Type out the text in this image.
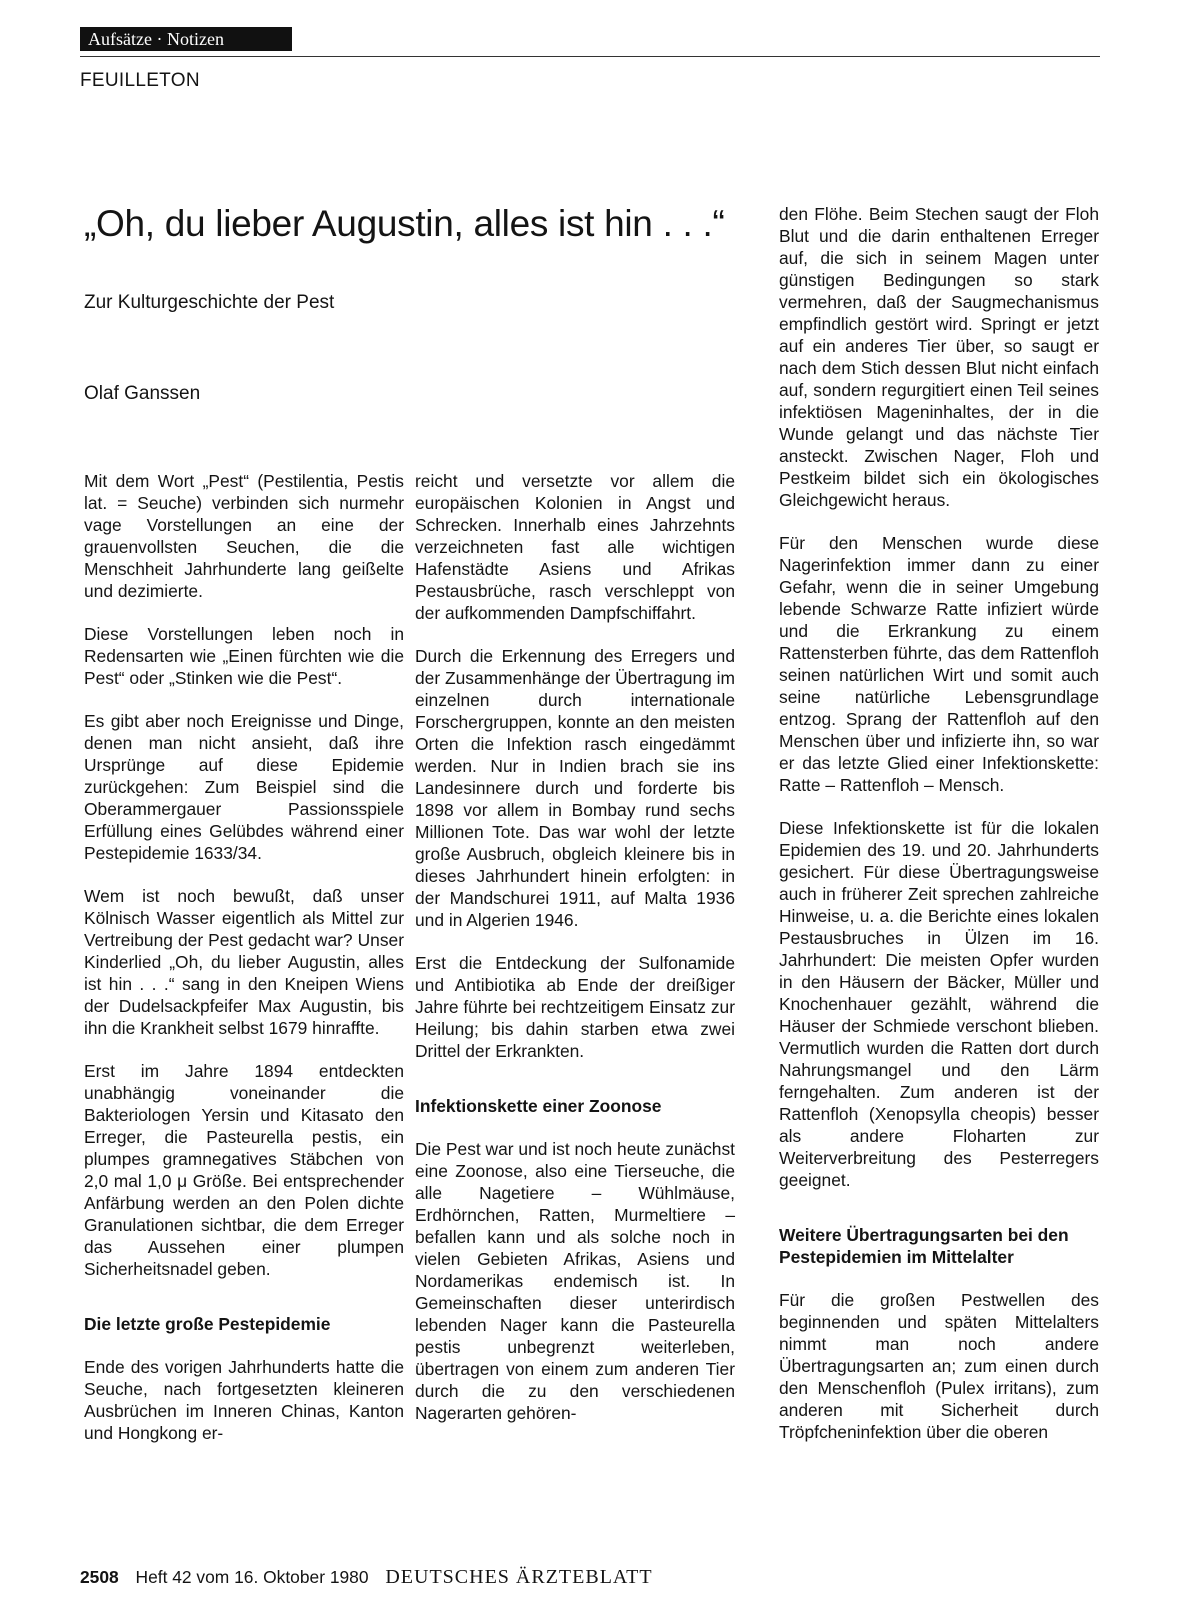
Aufsätze · Notizen
FEUILLETON
„Oh, du lieber Augustin, alles ist hin . . .“
Zur Kulturgeschichte der Pest
Olaf Ganssen

Mit dem Wort „Pest“ (Pestilentia, Pestis lat. = Seuche) verbinden sich nurmehr vage Vorstellungen an eine der grauenvollsten Seuchen, die die Menschheit Jahrhunderte lang geißelte und dezimierte.

Diese Vorstellungen leben noch in Redensarten wie „Einen fürchten wie die Pest“ oder „Stinken wie die Pest“.

Es gibt aber noch Ereignisse und Dinge, denen man nicht ansieht, daß ihre Ursprünge auf diese Epidemie zurückgehen: Zum Beispiel sind die Oberammergauer Passionsspiele Erfüllung eines Gelübdes während einer Pestepidemie 1633/34.

Wem ist noch bewußt, daß unser Kölnisch Wasser eigentlich als Mittel zur Vertreibung der Pest gedacht war? Unser Kinderlied „Oh, du lieber Augustin, alles ist hin . . .“ sang in den Kneipen Wiens der Dudelsackpfeifer Max Augustin, bis ihn die Krankheit selbst 1679 hinraffte.

Erst im Jahre 1894 entdeckten unabhängig voneinander die Bakteriologen Yersin und Kitasato den Erreger, die Pasteurella pestis, ein plumpes gramnegatives Stäbchen von 2,0 mal 1,0 μ Größe. Bei entsprechender Anfärbung werden an den Polen dichte Granulationen sichtbar, die dem Erreger das Aussehen einer plumpen Sicherheitsnadel geben.

Die letzte große Pestepidemie

Ende des vorigen Jahrhunderts hatte die Seuche, nach fortgesetzten kleineren Ausbrüchen im Inneren Chinas, Kanton und Hongkong er-

reicht und versetzte vor allem die europäischen Kolonien in Angst und Schrecken. Innerhalb eines Jahrzehnts verzeichneten fast alle wichtigen Hafenstädte Asiens und Afrikas Pestausbrüche, rasch verschleppt von der aufkommenden Dampfschiffahrt.

Durch die Erkennung des Erregers und der Zusammenhänge der Übertragung im einzelnen durch internationale Forschergruppen, konnte an den meisten Orten die Infektion rasch eingedämmt werden. Nur in Indien brach sie ins Landesinnere durch und forderte bis 1898 vor allem in Bombay rund sechs Millionen Tote. Das war wohl der letzte große Ausbruch, obgleich kleinere bis in dieses Jahrhundert hinein erfolgten: in der Mandschurei 1911, auf Malta 1936 und in Algerien 1946.

Erst die Entdeckung der Sulfonamide und Antibiotika ab Ende der dreißiger Jahre führte bei rechtzeitigem Einsatz zur Heilung; bis dahin starben etwa zwei Drittel der Erkrankten.

Infektionskette einer Zoonose

Die Pest war und ist noch heute zunächst eine Zoonose, also eine Tierseuche, die alle Nagetiere – Wühlmäuse, Erdhörnchen, Ratten, Murmeltiere – befallen kann und als solche noch in vielen Gebieten Afrikas, Asiens und Nordamerikas endemisch ist. In Gemeinschaften dieser unterirdisch lebenden Nager kann die Pasteurella pestis unbegrenzt weiterleben, übertragen von einem zum anderen Tier durch die zu den verschiedenen Nagerarten gehören-

den Flöhe. Beim Stechen saugt der Floh Blut und die darin enthaltenen Erreger auf, die sich in seinem Magen unter günstigen Bedingungen so stark vermehren, daß der Saugmechanismus empfindlich gestört wird. Springt er jetzt auf ein anderes Tier über, so saugt er nach dem Stich dessen Blut nicht einfach auf, sondern regurgitiert einen Teil seines infektiösen Mageninhaltes, der in die Wunde gelangt und das nächste Tier ansteckt. Zwischen Nager, Floh und Pestkeim bildet sich ein ökologisches Gleichgewicht heraus.

Für den Menschen wurde diese Nagerinfektion immer dann zu einer Gefahr, wenn die in seiner Umgebung lebende Schwarze Ratte infiziert würde und die Erkrankung zu einem Rattensterben führte, das dem Rattenfloh seinen natürlichen Wirt und somit auch seine natürliche Lebensgrundlage entzog. Sprang der Rattenfloh auf den Menschen über und infizierte ihn, so war er das letzte Glied einer Infektionskette: Ratte – Rattenfloh – Mensch.

Diese Infektionskette ist für die lokalen Epidemien des 19. und 20. Jahrhunderts gesichert. Für diese Übertragungsweise auch in früherer Zeit sprechen zahlreiche Hinweise, u. a. die Berichte eines lokalen Pestausbruches in Ülzen im 16. Jahrhundert: Die meisten Opfer wurden in den Häusern der Bäcker, Müller und Knochenhauer gezählt, während die Häuser der Schmiede verschont blieben. Vermutlich wurden die Ratten dort durch Nahrungsmangel und den Lärm ferngehalten. Zum anderen ist der Rattenfloh (Xenopsylla cheopis) besser als andere Floharten zur Weiterverbreitung des Pesterregers geeignet.

Weitere Übertragungsarten bei den Pestepidemien im Mittelalter

Für die großen Pestwellen des beginnenden und späten Mittelalters nimmt man noch andere Übertragungsarten an; zum einen durch den Menschenfloh (Pulex irritans), zum anderen mit Sicherheit durch Tröpfcheninfektion über die oberen

2508 Heft 42 vom 16. Oktober 1980 DEUTSCHES ÄRZTEBLATT
